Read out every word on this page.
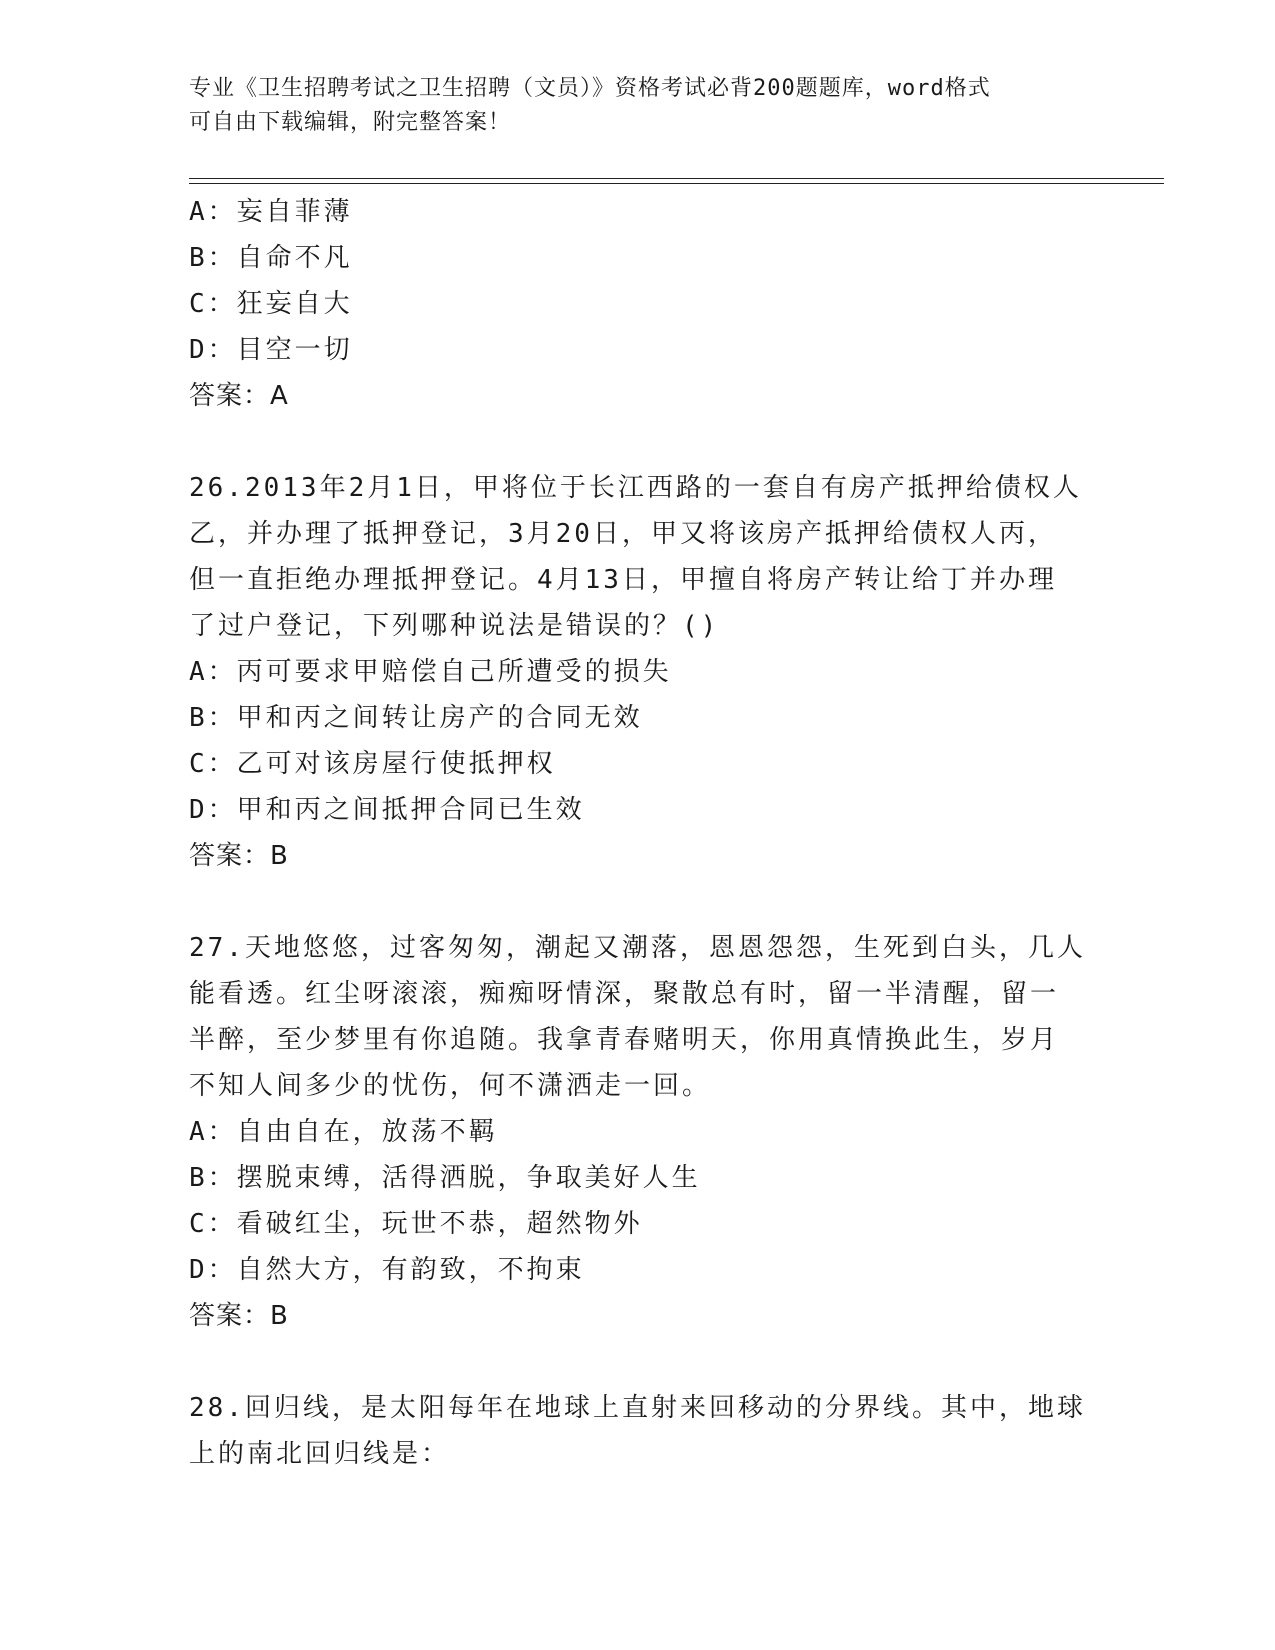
专业《卫生招聘考试之卫生招聘（文员）》资格考试必背200题题库，word格式
可自由下载编辑，附完整答案！
A：妄自菲薄
B：自命不凡
C：狂妄自大
D：目空一切
答案：A
26.2013年2月1日，甲将位于长江西路的一套自有房产抵押给债权人
乙，并办理了抵押登记，3月20日，甲又将该房产抵押给债权人丙，
但一直拒绝办理抵押登记。4月13日，甲擅自将房产转让给丁并办理
了过户登记，下列哪种说法是错误的？()
A：丙可要求甲赔偿自己所遭受的损失
B：甲和丙之间转让房产的合同无效
C：乙可对该房屋行使抵押权
D：甲和丙之间抵押合同已生效
答案：B
27.天地悠悠，过客匆匆，潮起又潮落，恩恩怨怨，生死到白头，几人
能看透。红尘呀滚滚，痴痴呀情深，聚散总有时，留一半清醒，留一
半醉，至少梦里有你追随。我拿青春赌明天，你用真情换此生，岁月
不知人间多少的忧伤，何不潇洒走一回。
A：自由自在，放荡不羁
B：摆脱束缚，活得洒脱，争取美好人生
C：看破红尘，玩世不恭，超然物外
D：自然大方，有韵致，不拘束
答案：B
28.回归线，是太阳每年在地球上直射来回移动的分界线。其中，地球
上的南北回归线是：
